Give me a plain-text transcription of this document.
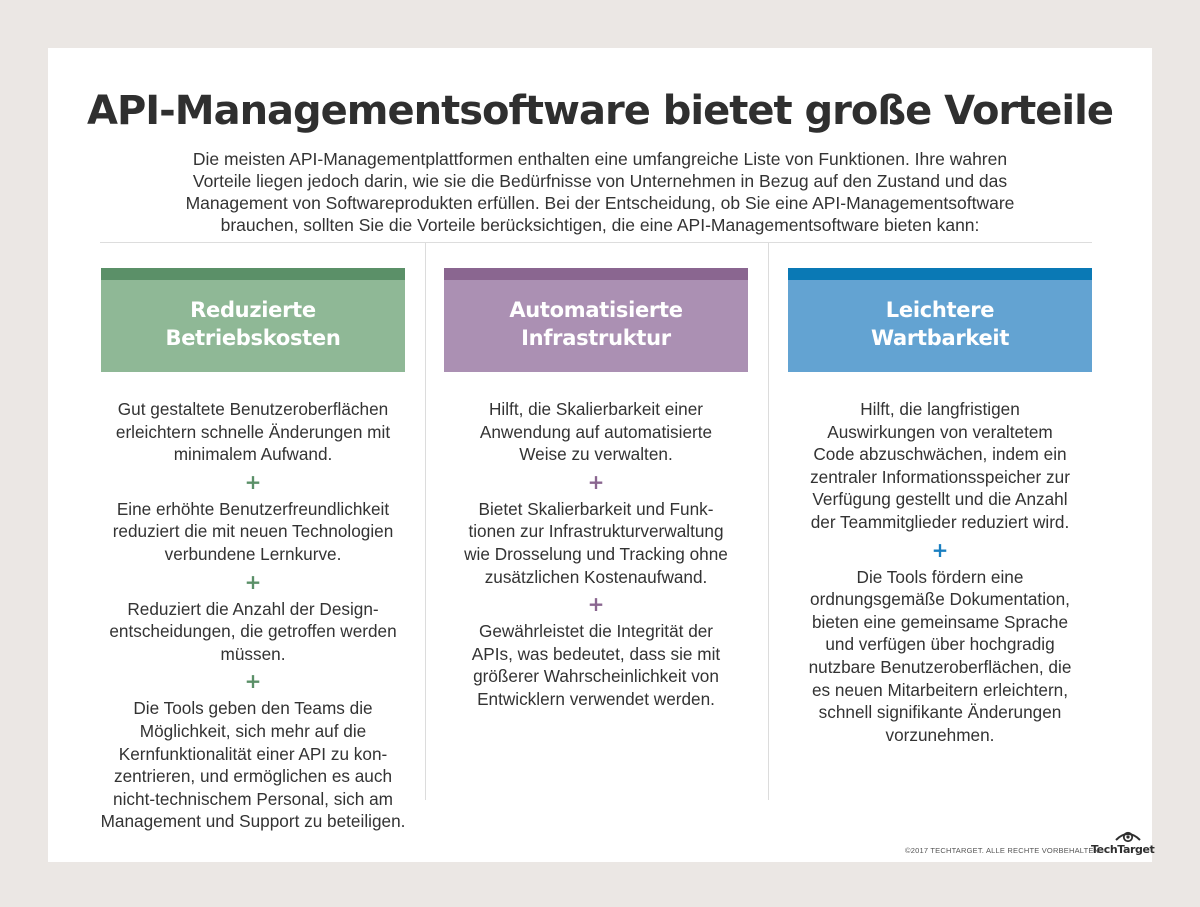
API-Managementsoftware bietet große Vorteile
Die meisten API-Managementplattformen enthalten eine umfangreiche Liste von Funktionen. Ihre wahren
Vorteile liegen jedoch darin, wie sie die Bedürfnisse von Unternehmen in Bezug auf den Zustand und das
Management von Softwareprodukten erfüllen. Bei der Entscheidung, ob Sie eine API-Managementsoftware
brauchen, sollten Sie die Vorteile berücksichtigen, die eine API-Managementsoftware bieten kann:
Reduzierte
Betriebskosten

Gut gestaltete Benutzeroberflächen
erleichtern schnelle Änderungen mit
minimalem Aufwand.

+

Eine erhöhte Benutzerfreundlichkeit
reduziert die mit neuen Technologien
verbundene Lernkurve.

+

Reduziert die Anzahl der Design-
entscheidungen, die getroffen werden
müssen.

+

Die Tools geben den Teams die
Möglichkeit, sich mehr auf die
Kernfunktionalität einer API zu kon-
zentrieren, und ermöglichen es auch
nicht-technischem Personal, sich am
Management und Support zu beteiligen.

Automatisierte
Infrastruktur

Hilft, die Skalierbarkeit einer
Anwendung auf automatisierte
Weise zu verwalten.

+

Bietet Skalierbarkeit und Funk-
tionen zur Infrastrukturverwaltung
wie Drosselung und Tracking ohne
zusätzlichen Kostenaufwand.

+

Gewährleistet die Integrität der
APIs, was bedeutet, dass sie mit
größerer Wahrscheinlichkeit von
Entwicklern verwendet werden.

Leichtere
Wartbarkeit

Hilft, die langfristigen
Auswirkungen von veraltetem
Code abzuschwächen, indem ein
zentraler Informationsspeicher zur
Verfügung gestellt und die Anzahl
der Teammitglieder reduziert wird.

+

Die Tools fördern eine
ordnungsgemäße Dokumentation,
bieten eine gemeinsame Sprache
und verfügen über hochgradig
nutzbare Benutzeroberflächen, die
es neuen Mitarbeitern erleichtern,
schnell signifikante Änderungen
vorzunehmen.

©2017 TECHTARGET. ALLE RECHTE VORBEHALTEN.
TechTarget
